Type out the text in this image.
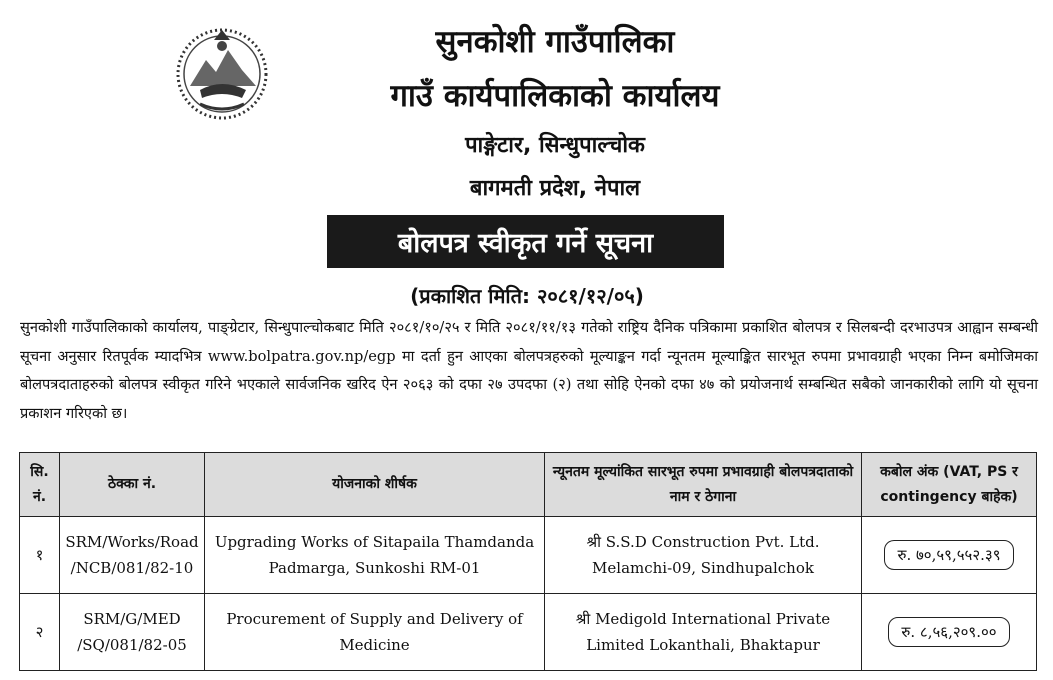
सुनकोशी गाउँपालिका
गाउँ कार्यपालिकाको कार्यालय
पाङ्गेटार, सिन्धुपाल्चोक
बागमती प्रदेश, नेपाल
बोलपत्र स्वीकृत गर्ने सूचना
(प्रकाशित मिति: २०८१/१२/०५)
सुनकोशी गाउँपालिकाको कार्यालय, पाङ्ग्रेटार, सिन्धुपाल्चोकबाट मिति २०८१/१०/२५ र मिति २०८१/११/१३ गतेको राष्ट्रिय दैनिक पत्रिकामा प्रकाशित बोलपत्र र सिलबन्दी दरभाउपत्र आह्वान सम्बन्धी सूचना अनुसार रितपूर्वक म्यादभित्र www.bolpatra.gov.np/egp मा दर्ता हुन आएका बोलपत्रहरुको मूल्याङ्कन गर्दा न्यूनतम मूल्याङ्कित सारभूत रुपमा प्रभावग्राही भएका निम्न बमोजिमका बोलपत्रदाताहरुको बोलपत्र स्वीकृत गरिने भएकाले सार्वजनिक खरिद ऐन २०६३ को दफा २७ उपदफा (२) तथा सोहि ऐनको दफा ४७ को प्रयोजनार्थ सम्बन्धित सबैको जानकारीको लागि यो सूचना प्रकाशन गरिएको छ।
सि. नं.	ठेक्का नं.	योजनाको शीर्षक	न्यूनतम मूल्यांकित सारभूत रुपमा प्रभावग्राही बोलपत्रदाताको नाम र ठेगाना	कबोल अंक (VAT, PS र contingency बाहेक)
१	SRM/Works/Road /NCB/081/82-10	Upgrading Works of Sitapaila Thamdanda Padmarga, Sunkoshi RM-01	श्री S.S.D Construction Pvt. Ltd. Melamchi-09, Sindhupalchok	रु. ७०,५९,५५२.३९
२	SRM/G/MED /SQ/081/82-05	Procurement of Supply and Delivery of Medicine	श्री Medigold International Private Limited Lokanthali, Bhaktapur	रु. ८,५६,२०९.००
